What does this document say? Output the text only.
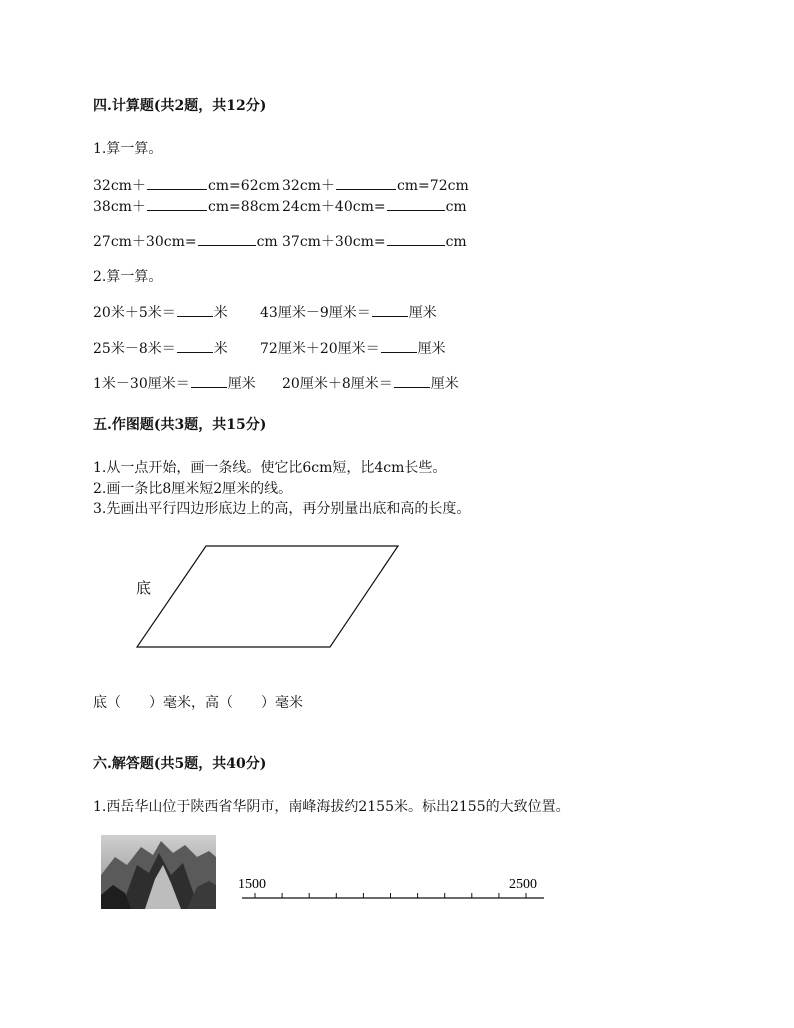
四.计算题(共2题，共12分)
1.算一算。
32cm＋	cm=62cm 32cm＋	cm=72cm
38cm＋	cm=88cm 24cm＋40cm=	cm
27cm＋30cm=	cm 37cm＋30cm=	cm
2.算一算。
20米＋5米＝	米 43厘米－9厘米＝	厘米
25米－8米＝	米 72厘米＋20厘米＝	厘米
1米－30厘米＝	厘米 20厘米＋8厘米＝	厘米
五.作图题(共3题，共15分)
1.从一点开始，画一条线。使它比6cm短，比4cm长些。
2.画一条比8厘米短2厘米的线。
3.先画出平行四边形底边上的高，再分别量出底和高的长度。
底
底（　　）毫米，高（　　）毫米
六.解答题(共5题，共40分)
1.西岳华山位于陕西省华阴市，南峰海拔约2155米。标出2155的大致位置。
1500	2500
